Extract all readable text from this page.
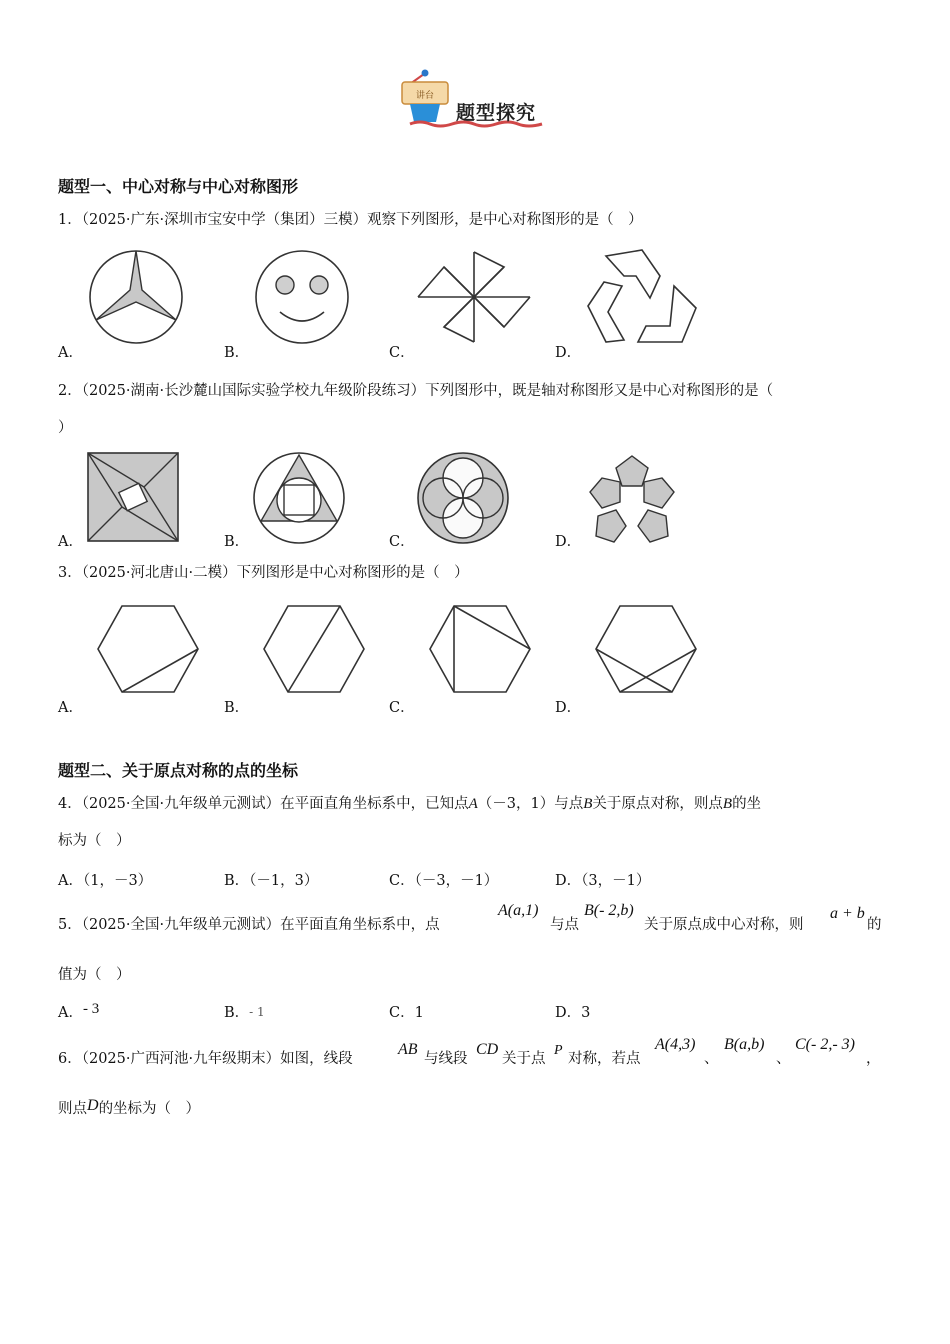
讲台
题型探究
题型一、中心对称与中心对称图形
1．（2025·广东·深圳市宝安中学（集团）三模）观察下列图形，是中心对称图形的是（　）
A．	B．	C．	D．
2．（2025·湖南·长沙麓山国际实验学校九年级阶段练习）下列图形中，既是轴对称图形又是中心对称图形的是（
）
A．	B．	C．	D．
3．（2025·河北唐山·二模）下列图形是中心对称图形的是（　）
A．	B．	C．	D．
题型二、关于原点对称的点的坐标
4．（2025·全国·九年级单元测试）在平面直角坐标系中，已知点A（－3，1）与点B关于原点对称，则点B的坐
标为（　）
A．（1，－3）	B．（－1，3）	C．（－3，－1）	D．（3，－1）
5．（2025·全国·九年级单元测试）在平面直角坐标系中，点
A(a,1)
与点
B(- 2,b)
关于原点成中心对称，则
a + b
的
值为（　）
A．- 3	B．- 1	C．1	D．3
6．（2025·广西河池·九年级期末）如图，线段
AB
与线段
CD
关于点
P
对称，若点
A(4,3)
、
B(a,b)
、
C(- 2,- 3)
，
则点D的坐标为（　）
